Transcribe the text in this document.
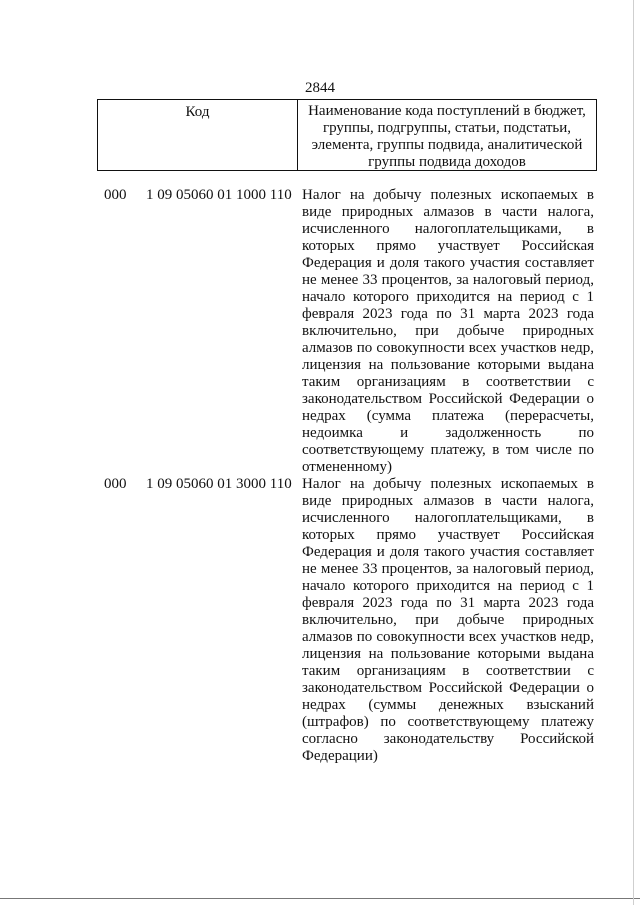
2844
Код	Наименование кода поступлений в бюджет, группы, подгруппы, статьи, подстатьи, элемента, группы подвида, аналитической группы подвида доходов
000	1 09 05060 01 1000 110 Налог на добычу полезных ископаемых в виде природных алмазов в части налога, исчисленного налогоплательщиками, в которых прямо участвует Российская Федерация и доля такого участия составляет не менее 33 процентов, за налоговый период, начало которого приходится на период с 1 февраля 2023 года по 31 марта 2023 года включительно, при добыче природных алмазов по совокупности всех участков недр, лицензия на пользование которыми выдана таким организациям в соответствии с законодательством Российской Федерации о недрах (сумма платежа (перерасчеты, недоимка и задолженность по соответствующему платежу, в том числе по отмененному)
000	1 09 05060 01 3000 110 Налог на добычу полезных ископаемых в виде природных алмазов в части налога, исчисленного налогоплательщиками, в которых прямо участвует Российская Федерация и доля такого участия составляет не менее 33 процентов, за налоговый период, начало которого приходится на период с 1 февраля 2023 года по 31 марта 2023 года включительно, при добыче природных алмазов по совокупности всех участков недр, лицензия на пользование которыми выдана таким организациям в соответствии с законодательством Российской Федерации о недрах (суммы денежных взысканий (штрафов) по соответствующему платежу согласно законодательству Российской Федерации)
